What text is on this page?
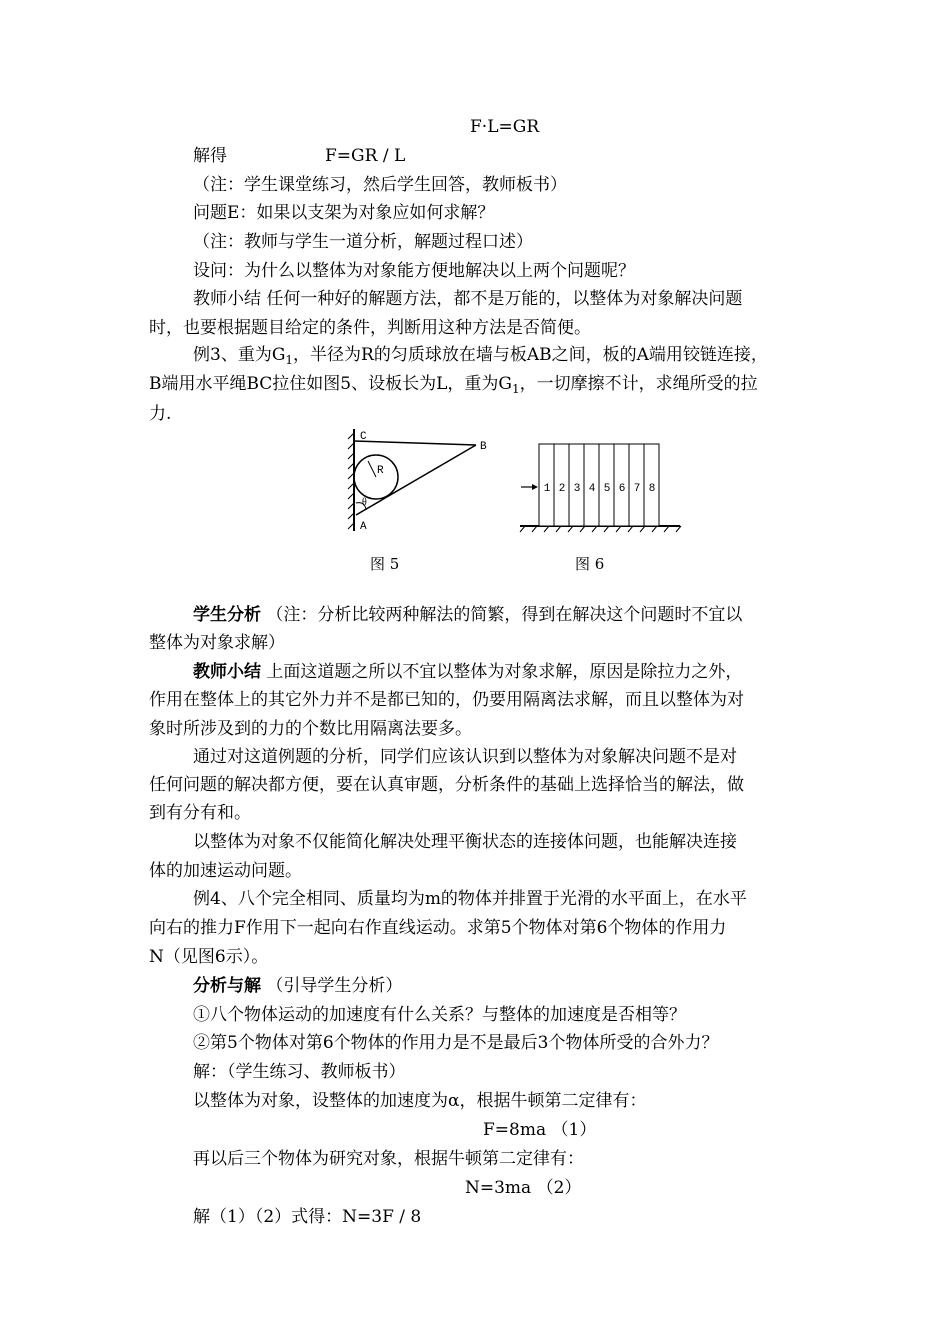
F·L=GR
解得	F=GR / L
（注：学生课堂练习，然后学生回答，教师板书）
问题E：如果以支架为对象应如何求解？
（注：教师与学生一道分析，解题过程口述）
设问：为什么以整体为对象能方便地解决以上两个问题呢？
教师小结 任何一种好的解题方法，都不是万能的，以整体为对象解决问题
时，也要根据题目给定的条件，判断用这种方法是否简便。
例3、重为$G_1$，半径为R的匀质球放在墙与板AB之间，板的A端用铰链连接，
B端用水平绳BC拉住如图5、设板长为L，重为$G_1$，一切摩擦不计，求绳所受的拉
力.
C
B
R
θ
A
图 5
1 2 3 4 5 6 7 8
图 6
学生分析 （注：分析比较两种解法的简繁，得到在解决这个问题时不宜以
整体为对象求解）
教师小结 上面这道题之所以不宜以整体为对象求解，原因是除拉力之外，
作用在整体上的其它外力并不是都已知的，仍要用隔离法求解，而且以整体为对
象时所涉及到的力的个数比用隔离法要多。
通过对这道例题的分析，同学们应该认识到以整体为对象解决问题不是对
任何问题的解决都方便，要在认真审题，分析条件的基础上选择恰当的解法，做
到有分有和。
以整体为对象不仅能简化解决处理平衡状态的连接体问题，也能解决连接
体的加速运动问题。
例4、八个完全相同、质量均为m的物体并排置于光滑的水平面上，在水平
向右的推力F作用下一起向右作直线运动。求第5个物体对第6个物体的作用力
N（见图6示）。
分析与解 （引导学生分析）
①八个物体运动的加速度有什么关系？与整体的加速度是否相等？
②第5个物体对第6个物体的作用力是不是最后3个物体所受的合外力？
解：（学生练习、教师板书）
以整体为对象，设整体的加速度为α，根据牛顿第二定律有：
F=8ma （1）
再以后三个物体为研究对象，根据牛顿第二定律有：
N=3ma （2）
解（1）（2）式得：N=3F / 8
